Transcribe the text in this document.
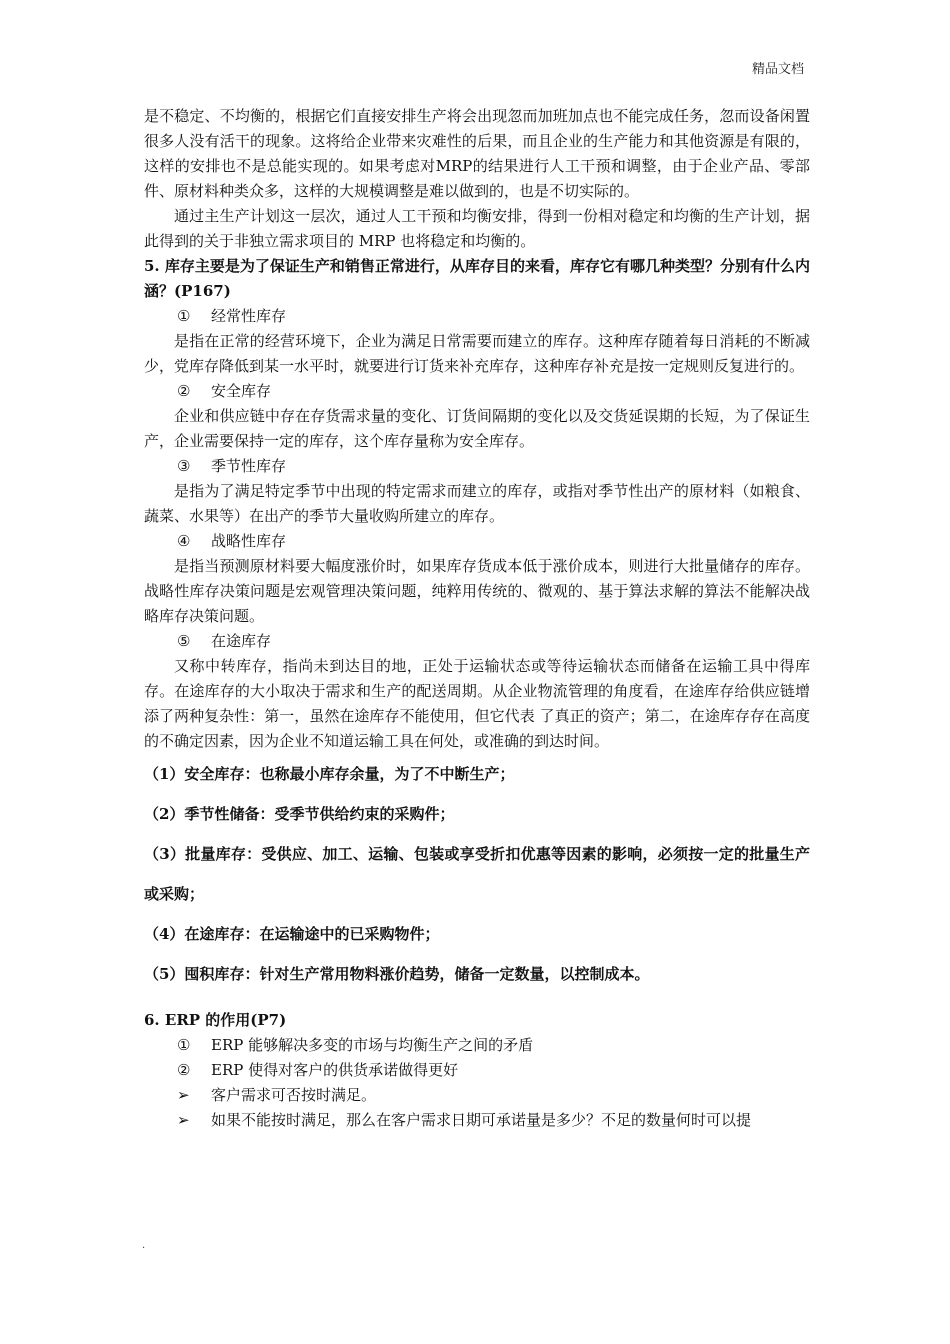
精品文档

是不稳定、不均衡的，根据它们直接安排生产将会出现忽而加班加点也不能完成任务，忽而设备闲置很多人没有活干的现象。这将给企业带来灾难性的后果，而且企业的生产能力和其他资源是有限的，这样的安排也不是总能实现的。如果考虑对MRP的结果进行人工干预和调整，由于企业产品、零部件、原材料种类众多，这样的大规模调整是难以做到的，也是不切实际的。

通过主生产计划这一层次，通过人工干预和均衡安排，得到一份相对稳定和均衡的生产计划，据此得到的关于非独立需求项目的 MRP 也将稳定和均衡的。

5. 库存主要是为了保证生产和销售正常进行，从库存目的来看，库存它有哪几种类型？分别有什么内涵？(P167)

① 经常性库存

是指在正常的经营环境下，企业为满足日常需要而建立的库存。这种库存随着每日消耗的不断减少，党库存降低到某一水平时，就要进行订货来补充库存，这种库存补充是按一定规则反复进行的。

② 安全库存

企业和供应链中存在存货需求量的变化、订货间隔期的变化以及交货延误期的长短，为了保证生产，企业需要保持一定的库存，这个库存量称为安全库存。

③ 季节性库存

是指为了满足特定季节中出现的特定需求而建立的库存，或指对季节性出产的原材料（如粮食、蔬菜、水果等）在出产的季节大量收购所建立的库存。

④ 战略性库存

是指当预测原材料要大幅度涨价时，如果库存货成本低于涨价成本，则进行大批量储存的库存。战略性库存决策问题是宏观管理决策问题，纯粹用传统的、微观的、基于算法求解的算法不能解决战略库存决策问题。

⑤ 在途库存

又称中转库存，指尚未到达目的地，正处于运输状态或等待运输状态而储备在运输工具中得库存。在途库存的大小取决于需求和生产的配送周期。从企业物流管理的角度看，在途库存给供应链增添了两种复杂性：第一，虽然在途库存不能使用，但它代表 了真正的资产；第二，在途库存存在高度的不确定因素，因为企业不知道运输工具在何处，或准确的到达时间。

（1）安全库存：也称最小库存余量，为了不中断生产；

（2）季节性储备：受季节供给约束的采购件；

（3）批量库存：受供应、加工、运输、包装或享受折扣优惠等因素的影响，必须按一定的批量生产或采购；

（4）在途库存：在运输途中的已采购物件；

（5）囤积库存：针对生产常用物料涨价趋势，储备一定数量，以控制成本。

6. ERP 的作用(P7)

① ERP 能够解决多变的市场与均衡生产之间的矛盾

② ERP 使得对客户的供货承诺做得更好

➢ 客户需求可否按时满足。

➢ 如果不能按时满足，那么在客户需求日期可承诺量是多少？不足的数量何时可以提

.
